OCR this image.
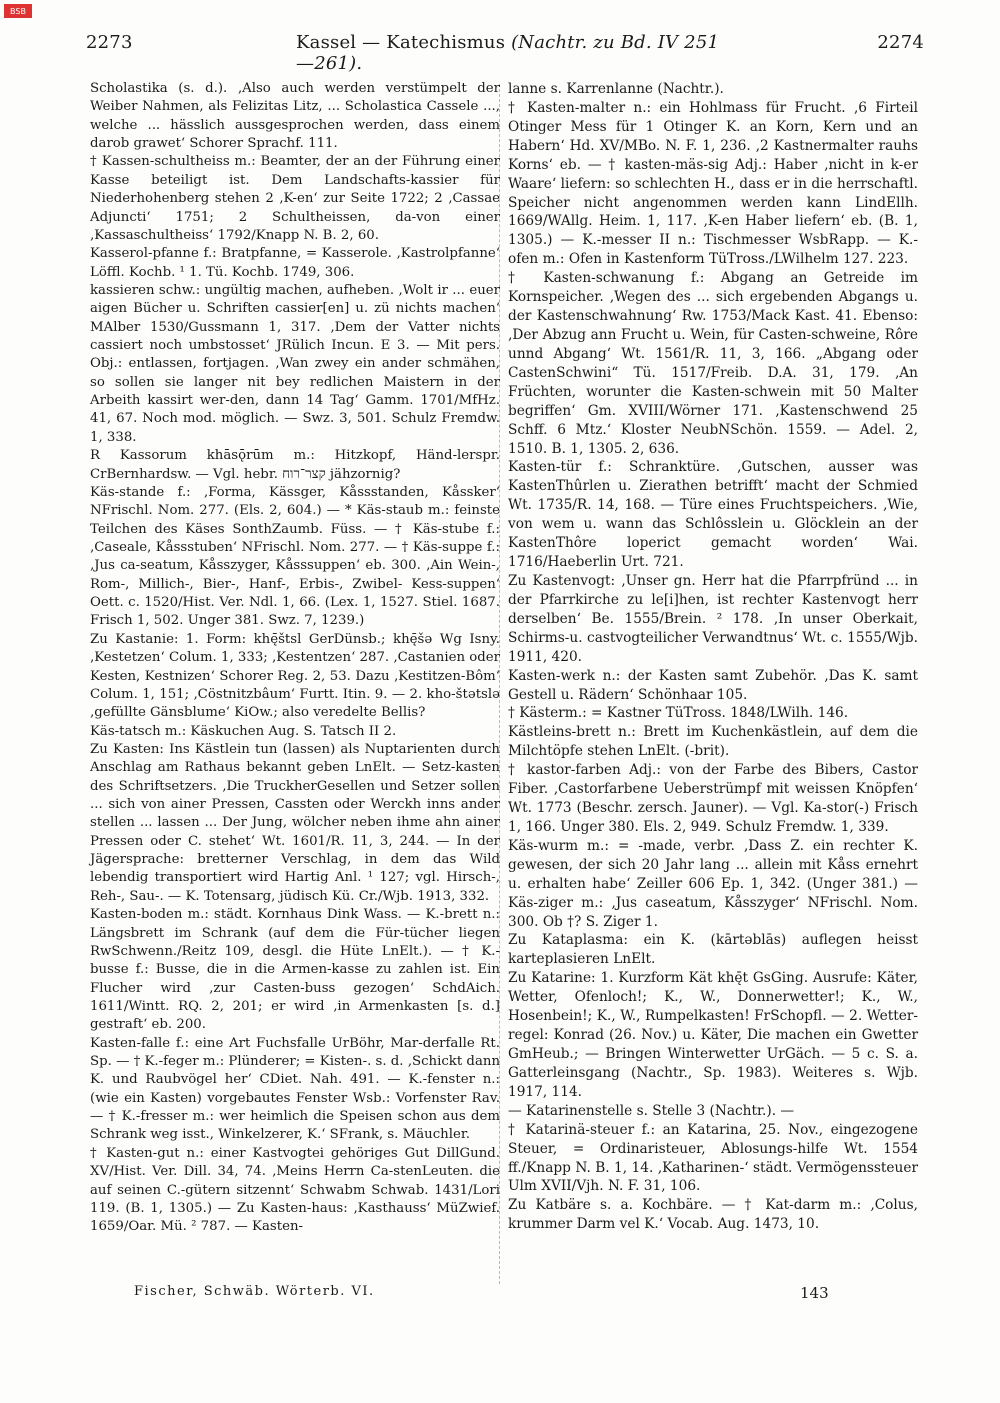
BSB
2273	Kassel — Katechismus (Nachtr. zu Bd. IV 251—261).
2274

Scholastika (s. d.). ‚Also auch werden verstümpelt der Weiber Nahmen, als Felizitas Litz, ... Scholastica Cassele ..., welche ... hässlich aussgesprochen werden, dass einem darob grawet‘ Schorer Sprachf. 111.

† Kassen-schultheiss m.: Beamter, der an der Führung einer Kasse beteiligt ist. Dem Landschafts-kassier für Niederhohenberg stehen 2 ‚K-en‘ zur Seite 1722; 2 ‚Cassae Adjuncti‘ 1751; 2 Schultheissen, da-von einer ‚Kassaschultheiss‘ 1792/Knapp N. B. 2, 60.

Kasserol-pfanne f.: Bratpfanne, = Kasserole. ‚Kastrolpfanne‘ Löffl. Kochb. ¹ 1. Tü. Kochb. 1749, 306.

kassieren schw.: ungültig machen, aufheben. ‚Wolt ir ... euer aigen Bücher u. Schriften cassier[en] u. zü nichts machen‘ MAlber 1530/Gussmann 1, 317. ‚Dem der Vatter nichts cassiert noch umbstosset‘ JRülich Incun. E 3. — Mit pers. Obj.: entlassen, fortjagen. ‚Wan zwey ein ander schmähen, so sollen sie langer nit bey redlichen Maistern in der Arbeith kassirt wer-den, dann 14 Tag‘ Gamm. 1701/MfHz. 41, 67. Noch mod. möglich. — Swz. 3, 501. Schulz Fremdw. 1, 338.

R Kassorum khāsǭrūm m.: Hitzkopf, Händ-lerspr. CrBernhardsw. — Vgl. hebr. קצר־רוח jähzornig?

Käs-stande f.: ‚Forma, Kässger, Kåssstanden, Kåssker‘ NFrischl. Nom. 277. (Els. 2, 604.) — * Käs-staub m.: feinste Teilchen des Käses SonthZaumb. Füss. — † Käs-stube f.: ‚Caseale, Kåssstuben‘ NFrischl. Nom. 277. — † Käs-suppe f.: ‚Jus ca-seatum, Kåsszyger, Kåsssuppen‘ eb. 300. ‚Ain Wein-, Rom-, Millich-, Bier-, Hanf-, Erbis-, Zwibel- Kess-suppen‘ Oett. c. 1520/Hist. Ver. Ndl. 1, 66. (Lex. 1, 1527. Stiel. 1687. Frisch 1, 502. Unger 381. Swz. 7, 1239.)

Zu Kastanie: 1. Form: khę̄štsl GerDünsb.; khę̄šə Wg Isny. ‚Kestetzen‘ Colum. 1, 333; ‚Kestentzen‘ 287. ‚Castanien oder Kesten, Kestnizen‘ Schorer Reg. 2, 53. Dazu ‚Kestitzen-Bôm‘ Colum. 1, 151; ‚Cöstnitzbâum‘ Furtt. Itin. 9. — 2. kho-štətslə ‚gefüllte Gänsblume‘ KiOw.; also veredelte Bellis?

Käs-tatsch m.: Käskuchen Aug. S. Tatsch II 2.

Zu Kasten: Ins Kästlein tun (lassen) als Nuptarienten durch Anschlag am Rathaus bekannt geben LnElt. — Setz-kasten des Schriftsetzers. ‚Die TruckherGesellen und Setzer sollen ... sich von ainer Pressen, Cassten oder Werckh inns ander stellen ... lassen ... Der Jung, wölcher neben ihme ahn ainer Pressen oder C. stehet‘ Wt. 1601/R. 11, 3, 244. — In der Jägersprache: bretterner Verschlag, in dem das Wild lebendig transportiert wird Hartig Anl. ¹ 127; vgl. Hirsch-, Reh-, Sau-. — K. Totensarg, jüdisch Kü. Cr./Wjb. 1913, 332.

Kasten-boden m.: städt. Kornhaus Dink Wass. — K.-brett n.: Längsbrett im Schrank (auf dem die Für-tücher liegen RwSchwenn./Reitz 109, desgl. die Hüte LnElt.). — † K.-busse f.: Busse, die in die Armen-kasse zu zahlen ist. Ein Flucher wird ‚zur Casten-buss gezogen‘ SchdAich. 1611/Wintt. RQ. 2, 201; er wird ‚in Armenkasten [s. d.] gestraft‘ eb. 200.

Kasten-falle f.: eine Art Fuchsfalle UrBöhr, Mar-derfalle Rt. Sp. — † K.-feger m.: Plünderer; = Kisten-. s. d. ‚Schickt dann K. und Raubvögel her‘ CDiet. Nah. 491. — K.-fenster n.: (wie ein Kasten) vorgebautes Fenster Wsb.: Vorfenster Rav. — † K.-fresser m.: wer heimlich die Speisen schon aus dem Schrank weg isst., Winkelzerer, K.‘ SFrank, s. Mäuchler.

† Kasten-gut n.: einer Kastvogtei gehöriges Gut DillGund. XV/Hist. Ver. Dill. 34, 74. ‚Meins Herrn Ca-stenLeuten. die auf seinen C.-gütern sitzennt‘ Schwabm Schwab. 1431/Lori 119. (B. 1, 1305.) — Zu Kasten-haus: ‚Kasthauss‘ MüZwief. 1659/Oar. Mü. ² 787. — Kasten-

lanne s. Karrenlanne (Nachtr.).

† Kasten-malter n.: ein Hohlmass für Frucht. ‚6 Firteil Otinger Mess für 1 Otinger K. an Korn, Kern und an Habern‘ Hd. XV/MBo. N. F. 1, 236. ‚2 Kastnermalter rauhs Korns‘ eb. — † kasten-mäs-sig Adj.: Haber ‚nicht in k-er Waare‘ liefern: so schlechten H., dass er in die herrschaftl. Speicher nicht angenommen werden kann LindEllh. 1669/WAllg. Heim. 1, 117. ‚K-en Haber liefern‘ eb. (B. 1, 1305.) — K.-messer II n.: Tischmesser WsbRapp. — K.-ofen m.: Ofen in Kastenform TüTross./LWilhelm 127. 223.

† Kasten-schwanung f.: Abgang an Getreide im Kornspeicher. ‚Wegen des ... sich ergebenden Abgangs u. der Kastenschwahnung‘ Rw. 1753/Mack Kast. 41. Ebenso: ‚Der Abzug ann Frucht u. Wein, für Casten-schweine, Rôre unnd Abgang‘ Wt. 1561/R. 11, 3, 166. „Abgang oder CastenSchwini“ Tü. 1517/Freib. D.A. 31, 179. ‚An Früchten, worunter die Kasten-schwein mit 50 Malter begriffen‘ Gm. XVIII/Wörner 171. ‚Kastenschwend 25 Schff. 6 Mtz.‘ Kloster NeubNSchön. 1559. — Adel. 2, 1510. B. 1, 1305. 2, 636.

Kasten-tür f.: Schranktüre. ‚Gutschen, ausser was KastenThûrlen u. Zierathen betrifft‘ macht der Schmied Wt. 1735/R. 14, 168. — Türe eines Fruchtspeichers. ‚Wie, von wem u. wann das Schlôsslein u. Glöcklein an der KastenThôre loperict gemacht worden‘ Wai. 1716/Haeberlin Urt. 721.

Zu Kastenvogt: ‚Unser gn. Herr hat die Pfarrpfründ ... in der Pfarrkirche zu le[i]hen, ist rechter Kastenvogt herr derselben‘ Be. 1555/Brein. ² 178. ‚In unser Oberkait, Schirms-u. castvogteilicher Verwandtnus‘ Wt. c. 1555/Wjb. 1911, 420.

Kasten-werk n.: der Kasten samt Zubehör. ‚Das K. samt Gestell u. Rädern‘ Schönhaar 105.

† Kästerm.: = Kastner TüTross. 1848/LWilh. 146.

Kästleins-brett n.: Brett im Kuchenkästlein, auf dem die Milchtöpfe stehen LnElt. (-brit).

† kastor-farben Adj.: von der Farbe des Bibers, Castor Fiber. ‚Castorfarbene Ueberstrümpf mit weissen Knöpfen‘ Wt. 1773 (Beschr. zersch. Jauner). — Vgl. Ka-stor(-) Frisch 1, 166. Unger 380. Els. 2, 949. Schulz Fremdw. 1, 339.

Käs-wurm m.: = -made, verbr. ‚Dass Z. ein rechter K. gewesen, der sich 20 Jahr lang ... allein mit Kåss ernehrt u. erhalten habe‘ Zeiller 606 Ep. 1, 342. (Unger 381.) — Käs-ziger m.: ‚Jus caseatum, Kåsszyger‘ NFrischl. Nom. 300. Ob †? S. Ziger 1.

Zu Kataplasma: ein K. (kārtəblās) auflegen heisst karteplasieren LnElt.

Zu Katarine: 1. Kurzform Kät khę̄t GsGing. Ausrufe: Käter, Wetter, Ofenloch!; K., W., Donnerwetter!; K., W., Hosenbein!; K., W., Rumpelkasten! FrSchopfl. — 2. Wetter-regel: Konrad (26. Nov.) u. Käter, Die machen ein Gwetter GmHeub.; — Bringen Winterwetter UrGäch. — 5 c. S. a. Gatterleinsgang (Nachtr., Sp. 1983). Weiteres s. Wjb. 1917, 114.

— Katarinenstelle s. Stelle 3 (Nachtr.). —

† Katarinä-steuer f.: an Katarina, 25. Nov., eingezogene Steuer, = Ordinaristeuer, Ablosungs-hilfe Wt. 1554 ff./Knapp N. B. 1, 14. ‚Katharinen-‘ städt. Vermögenssteuer Ulm XVII/Vjh. N. F. 31, 106.

Zu Katbäre s. a. Kochbäre. — † Kat-darm m.: ‚Colus, krummer Darm vel K.‘ Vocab. Aug. 1473, 10.

Fischer, Schwäb. Wörterb. VI.	143
